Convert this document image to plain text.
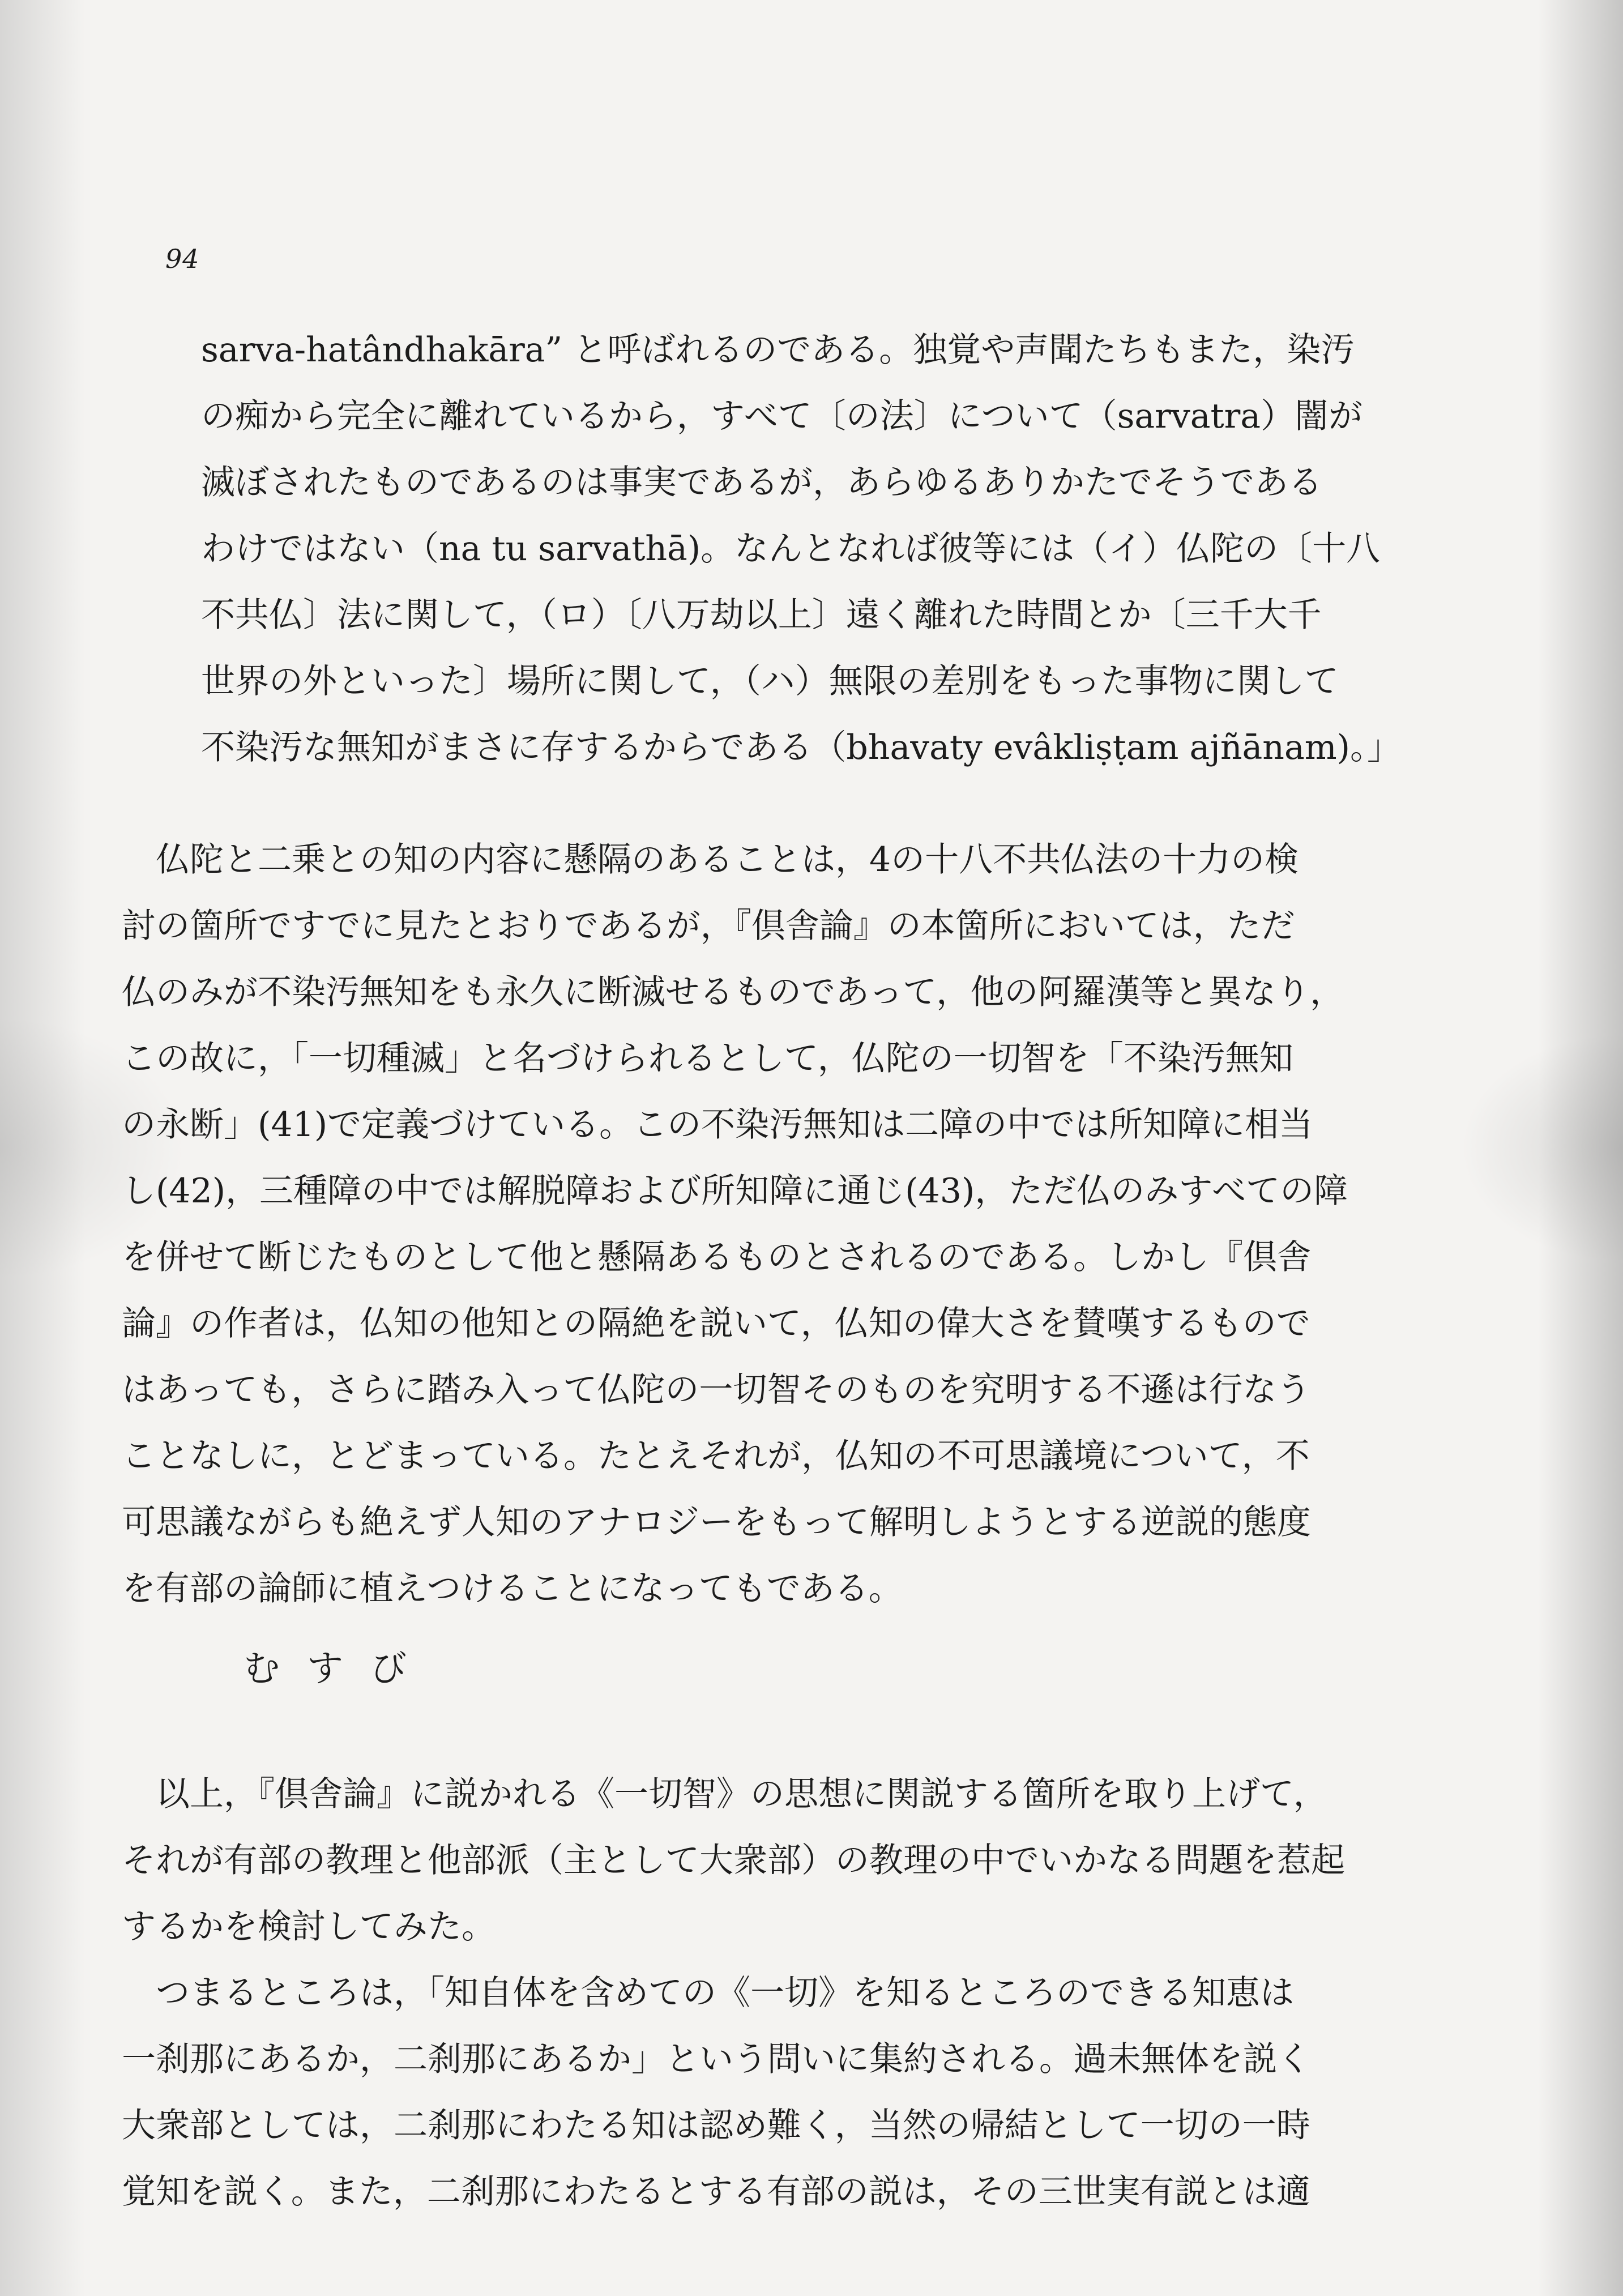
94
sarva-hatândhakāra” と呼ばれるのである。独覚や声聞たちもまた，染汚
の痴から完全に離れているから，すべて〔の法〕について（sarvatra）闇が
滅ぼされたものであるのは事実であるが，あらゆるありかたでそうである
わけではない（na tu sarvathā)。なんとなれば彼等には（イ）仏陀の〔十八
不共仏〕法に関して，（ロ）〔八万劫以上〕遠く離れた時間とか〔三千大千
世界の外といった〕場所に関して，（ハ）無限の差別をもった事物に関して
不染汚な無知がまさに存するからである（bhavaty evâkliṣṭam ajñānam)。」
仏陀と二乗との知の内容に懸隔のあることは，4の十八不共仏法の十力の検
討の箇所ですでに見たとおりであるが，『倶舎論』の本箇所においては，ただ
仏のみが不染汚無知をも永久に断滅せるものであって，他の阿羅漢等と異なり，
この故に，「一切種滅」と名づけられるとして，仏陀の一切智を「不染汚無知
の永断」(41)で定義づけている。この不染汚無知は二障の中では所知障に相当
し(42)，三種障の中では解脱障および所知障に通じ(43)，ただ仏のみすべての障
を併せて断じたものとして他と懸隔あるものとされるのである。しかし『倶舎
論』の作者は，仏知の他知との隔絶を説いて，仏知の偉大さを賛嘆するもので
はあっても，さらに踏み入って仏陀の一切智そのものを究明する不遜は行なう
ことなしに，とどまっている。たとえそれが，仏知の不可思議境について，不
可思議ながらも絶えず人知のアナロジーをもって解明しようとする逆説的態度
を有部の論師に植えつけることになってもである。
むすび
以上，『倶舎論』に説かれる《一切智》の思想に関説する箇所を取り上げて，
それが有部の教理と他部派（主として大衆部）の教理の中でいかなる問題を惹起
するかを検討してみた。
つまるところは，「知自体を含めての《一切》を知るところのできる知恵は
一刹那にあるか，二刹那にあるか」という問いに集約される。過未無体を説く
大衆部としては，二刹那にわたる知は認め難く，当然の帰結として一切の一時
覚知を説く。また，二刹那にわたるとする有部の説は，その三世実有説とは適
